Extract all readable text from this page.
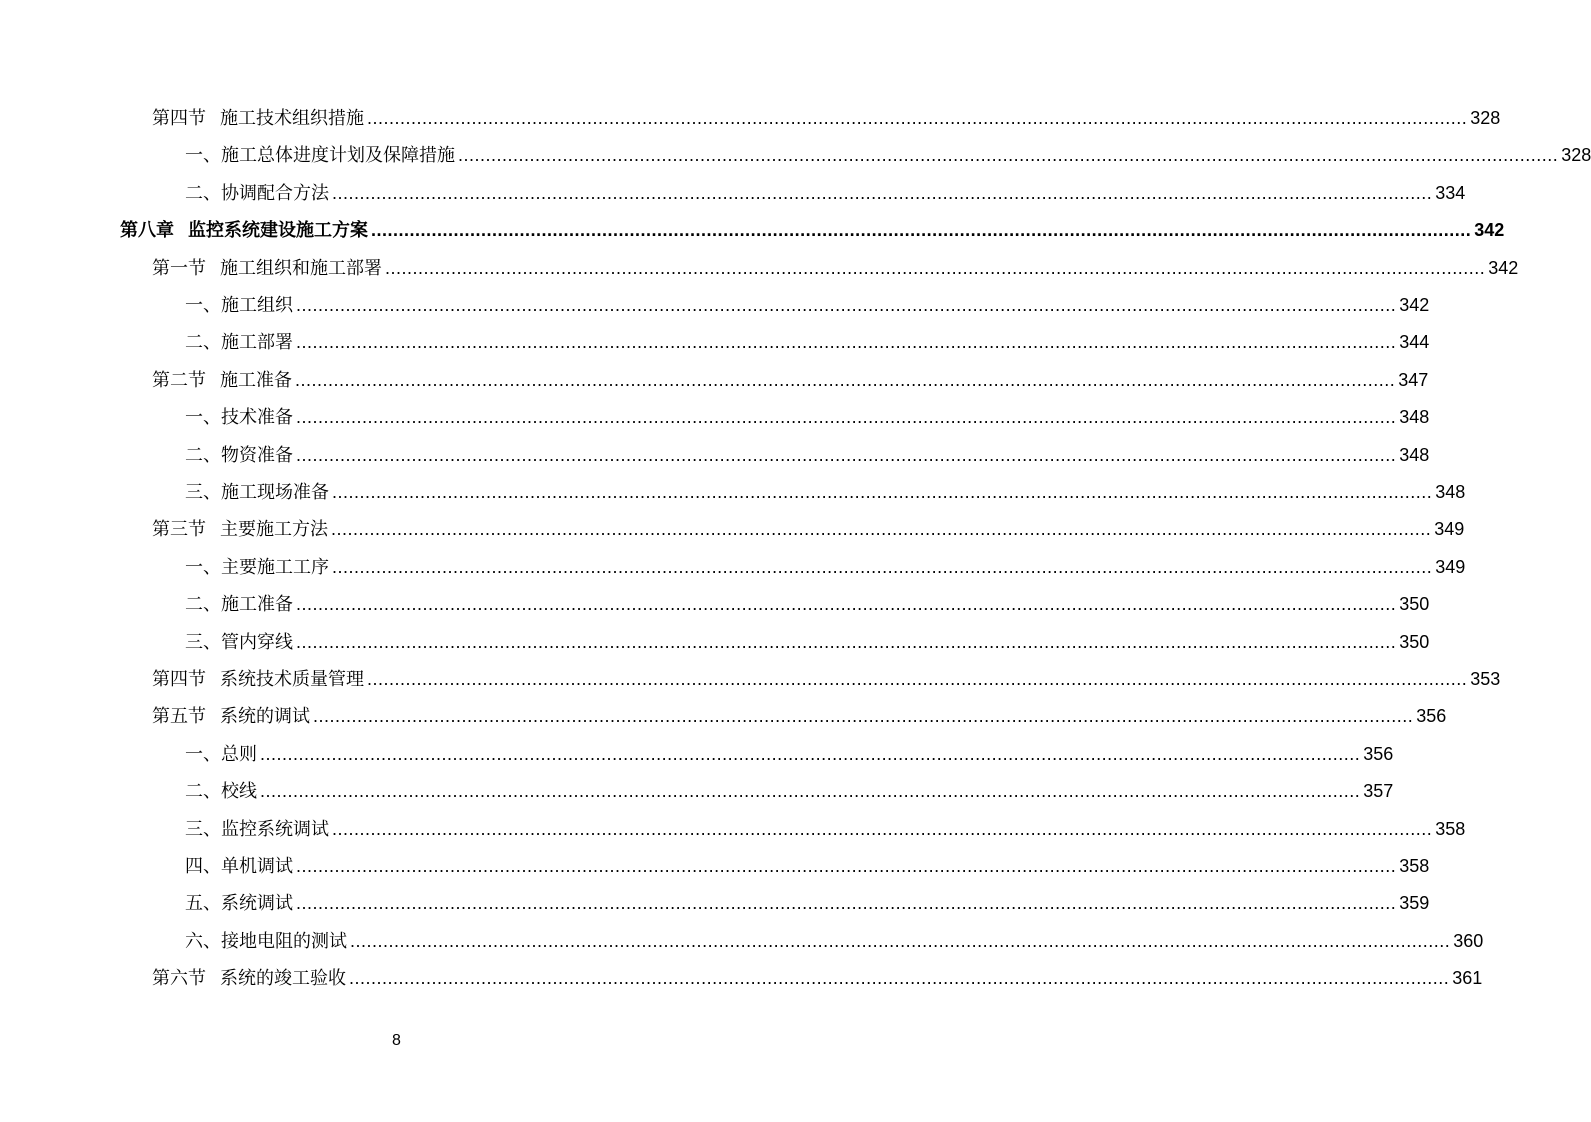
第四节 施工技术组织措施 ........................................................................................................................................................................................................ 328
一、施工总体进度计划及保障措施 ........................................................................................................................................................................................................ 328
二、协调配合方法 ........................................................................................................................................................................................................ 334
第八章 监控系统建设施工方案 ........................................................................................................................................................................................................ 342
第一节 施工组织和施工部署 ........................................................................................................................................................................................................ 342
一、施工组织 ........................................................................................................................................................................................................ 342
二、施工部署 ........................................................................................................................................................................................................ 344
第二节 施工准备 ........................................................................................................................................................................................................ 347
一、技术准备 ........................................................................................................................................................................................................ 348
二、物资准备 ........................................................................................................................................................................................................ 348
三、施工现场准备 ........................................................................................................................................................................................................ 348
第三节 主要施工方法 ........................................................................................................................................................................................................ 349
一、主要施工工序 ........................................................................................................................................................................................................ 349
二、施工准备 ........................................................................................................................................................................................................ 350
三、管内穿线 ........................................................................................................................................................................................................ 350
第四节 系统技术质量管理 ........................................................................................................................................................................................................ 353
第五节 系统的调试 ........................................................................................................................................................................................................ 356
一、总则 ........................................................................................................................................................................................................ 356
二、校线 ........................................................................................................................................................................................................ 357
三、监控系统调试 ........................................................................................................................................................................................................ 358
四、单机调试 ........................................................................................................................................................................................................ 358
五、系统调试 ........................................................................................................................................................................................................ 359
六、接地电阻的测试 ........................................................................................................................................................................................................ 360
第六节 系统的竣工验收 ........................................................................................................................................................................................................ 361
8
